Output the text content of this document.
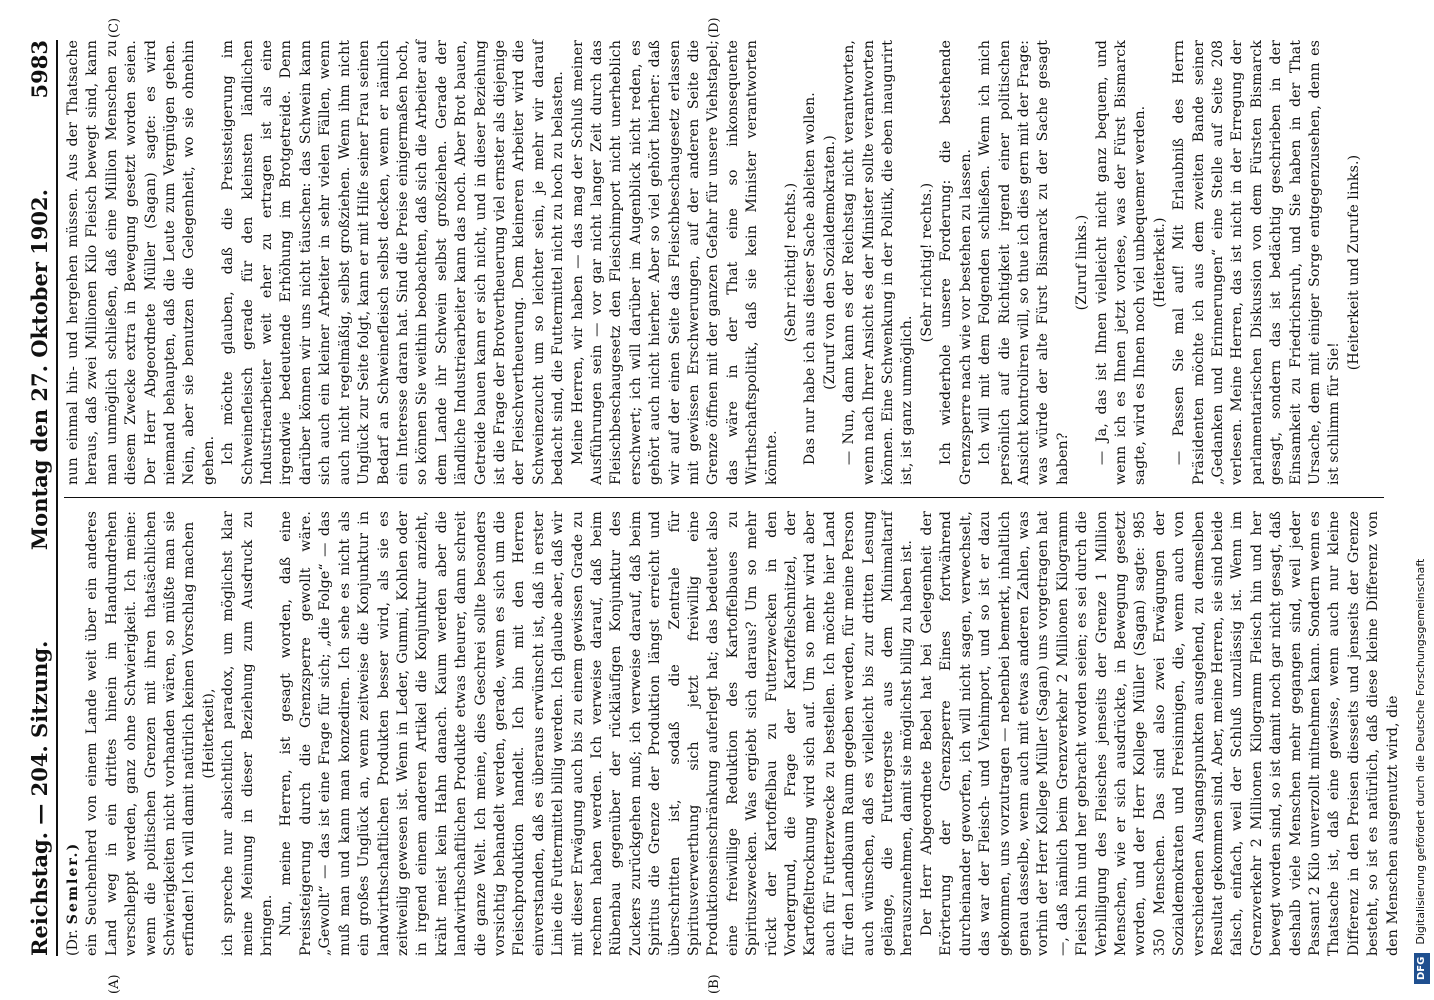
Reichstag. — 204. Sitzung.
Montag den 27. Oktober 1902.
5983

(Dr. Semler.) ein Seuchenherd von einem Lande weit über ein anderes Land weg in ein drittes hinein im Handumdrehen verschleppt werden, ganz ohne Schwierigkeit. Ich meine: wenn die politischen Grenzen mit ihren thatsächlichen Schwierigkeiten nicht vorhanden wären, so müßte man sie erfinden! Ich will damit natürlich keinen Vorschlag machen (Heiterkeit), ich spreche nur absichtlich paradox, um möglichst klar meine Meinung in dieser Beziehung zum Ausdruck zu bringen. Nun, meine Herren, ist gesagt worden, daß eine Preissteigerung durch die Grenzsperre gewollt wäre. „Gewollt“ — das ist eine Frage für sich; „die Folge“ — das muß man und kann man konzediren. Ich sehe es nicht als ein großes Unglück an, wenn zeitweise die Konjunktur in landwirthschaftlichen Produkten besser wird, als sie es zeitweilig gewesen ist. Wenn in Leder, Gummi, Kohlen oder in irgend einem anderen Artikel die Konjunktur anzieht, kräht meist kein Hahn danach. Kaum werden aber die landwirthschaftlichen Produkte etwas theurer, dann schreit die ganze Welt. Ich meine, dies Geschrei sollte besonders vorsichtig behandelt werden, gerade, wenn es sich um die Fleischproduktion handelt. Ich bin mit den Herren einverstanden, daß es überaus erwünscht ist, daß in erster Linie die Futtermittel billig werden. Ich glaube aber, daß wir mit dieser Erwägung auch bis zu einem gewissen Grade zu rechnen haben werden. Ich verweise darauf, daß beim Rübenbau gegenüber der rückläufigen Konjunktur des Zuckers zurückgehen muß; ich verweise darauf, daß beim Spiritus die Grenze der Produktion längst erreicht und überschritten ist, sodaß die Zentrale für Spiritusverwerthung sich jetzt freiwillig eine Produktionseinschränkung auferlegt hat; das bedeutet also eine freiwillige Reduktion des Kartoffelbaues zu Spirituszwecken. Was ergiebt sich daraus? Um so mehr rückt der Kartoffelbau zu Futterzwecken in den Vordergrund, die Frage der Kartoffelschnitzel, der Kartoffeltrocknung wird sich auf. Um so mehr wird aber auch für Futterzwecke zu bestellen. Ich möchte hier Land für den Landbaum Raum gegeben werden, für meine Person auch wünschen, daß es vielleicht bis zur dritten Lesung gelänge, die Futtergerste aus dem Minimaltarif herauszunehmen, damit sie möglichst billig zu haben ist. Der Herr Abgeordnete Bebel hat bei Gelegenheit der Erörterung der Grenzsperre Eines fortwährend durcheinander geworfen, ich will nicht sagen, verwechselt, das war der Fleisch- und Viehimport, und so ist er dazu gekommen, uns vorzutragen — nebenbei bemerkt, inhaltlich genau dasselbe, wenn auch mit etwas anderen Zahlen, was vorhin der Herr Kollege Müller (Sagan) uns vorgetragen hat —, daß nämlich beim Grenzverkehr 2 Millionen Kilogramm Fleisch hin und her gebracht worden seien; es sei durch die Verbilligung des Fleisches jenseits der Grenze 1 Million Menschen, wie er sich ausdrückte, in Bewegung gesetzt worden, und der Herr Kollege Müller (Sagan) sagte: 985 350 Menschen. Das sind also zwei Erwägungen der Sozialdemokraten und Freisinnigen, die, wenn auch von verschiedenen Ausgangspunkten ausgehend, zu demselben Resultat gekommen sind. Aber, meine Herren, sie sind beide falsch, einfach, weil der Schluß unzulässig ist. Wenn im Grenzverkehr 2 Millionen Kilogramm Fleisch hin und her bewegt worden sind, so ist damit noch gar nicht gesagt, daß deshalb viele Menschen mehr gegangen sind, weil jeder Passant 2 Kilo unverzollt mitnehmen kann. Sondern wenn es Thatsache ist, daß eine gewisse, wenn auch nur kleine Differenz in den Preisen diesseits und jenseits der Grenze besteht, so ist es natürlich, daß diese kleine Differenz von den Menschen ausgenutzt wird, die

nun einmal hin- und hergehen müssen. Aus der Thatsache heraus, daß zwei Millionen Kilo Fleisch bewegt sind, kann man unmöglich schließen, daß eine Million Menschen zu diesem Zwecke extra in Bewegung gesetzt worden seien. Der Herr Abgeordnete Müller (Sagan) sagte: es wird niemand behaupten, daß die Leute zum Vergnügen gehen. Nein, aber sie benutzen die Gelegenheit, wo sie ohnehin gehen. Ich möchte glauben, daß die Preissteigerung im Schweinefleisch gerade für den kleinsten ländlichen Industriearbeiter weit eher zu ertragen ist als eine irgendwie bedeutende Erhöhung im Brotgetreide. Denn darüber können wir uns nicht täuschen: das Schwein kann sich auch ein kleiner Arbeiter in sehr vielen Fällen, wenn auch nicht regelmäßig, selbst großziehen. Wenn ihm nicht Unglück zur Seite folgt, kann er mit Hilfe seiner Frau seinen Bedarf an Schweinefleisch selbst decken, wenn er nämlich ein Interesse daran hat. Sind die Preise einigermaßen hoch, so können Sie weithin beobachten, daß sich die Arbeiter auf dem Lande ihr Schwein selbst großziehen. Gerade der ländliche Industriearbeiter kann das noch. Aber Brot bauen, Getreide bauen kann er sich nicht, und in dieser Beziehung ist die Frage der Brotvertheuerung viel ernster als diejenige der Fleischvertheuerung. Dem kleineren Arbeiter wird die Schweinezucht um so leichter sein, je mehr wir darauf bedacht sind, die Futtermittel nicht zu hoch zu belasten. Meine Herren, wir haben — das mag der Schluß meiner Ausführungen sein — vor gar nicht langer Zeit durch das Fleischbeschaugesetz den Fleischimport nicht unerheblich erschwert; ich will darüber im Augenblick nicht reden, es gehört auch nicht hierher. Aber so viel gehört hierher: daß wir auf der einen Seite das Fleischbeschaugesetz erlassen mit gewissen Erschwerungen, auf der anderen Seite die Grenze öffnen mit der ganzen Gefahr für unsere Viehstapel; das wäre in der That eine so inkonsequente Wirthschaftspolitik, daß sie kein Minister verantworten könnte.

(Sehr richtig! rechts.) Das nur habe ich aus dieser Sache ableiten wollen. (Zuruf von den Sozialdemokraten.) — Nun, dann kann es der Reichstag nicht verantworten, wenn nach Ihrer Ansicht es der Minister sollte verantworten können. Eine Schwenkung in der Politik, die eben inaugurirt ist, ist ganz unmöglich.

(Sehr richtig! rechts.) Ich wiederhole unsere Forderung: die bestehende Grenzsperre nach wie vor bestehen zu lassen. Ich will mit dem Folgenden schließen. Wenn ich mich persönlich auf die Richtigkeit irgend einer politischen Ansicht kontroliren will, so thue ich dies gern mit der Frage: was würde der alte Fürst Bismarck zu der Sache gesagt haben?

(Zuruf links.) — Ja, das ist Ihnen vielleicht nicht ganz bequem, und wenn ich es Ihnen jetzt vorlese, was der Fürst Bismarck sagte, wird es Ihnen noch viel unbequemer werden. (Heiterkeit.) — Passen Sie mal auf! Mit Erlaubniß des Herrn Präsidenten möchte ich aus dem zweiten Bande seiner „Gedanken und Erinnerungen“ eine Stelle auf Seite 208 verlesen. Meine Herren, das ist nicht in der Erregung der parlamentarischen Diskussion von dem Fürsten Bismarck gesagt, sondern das ist bedächtig geschrieben in der Einsamkeit zu Friedrichsruh, und Sie haben in der That Ursache, dem mit einiger Sorge entgegenzusehen, denn es ist schlimm für Sie!

(Heiterkeit und Zurufe links.)

(A)	(B)
(C)	(D)
DFGDigitalisierung gefördert durch die Deutsche Forschungsgemeinschaft
